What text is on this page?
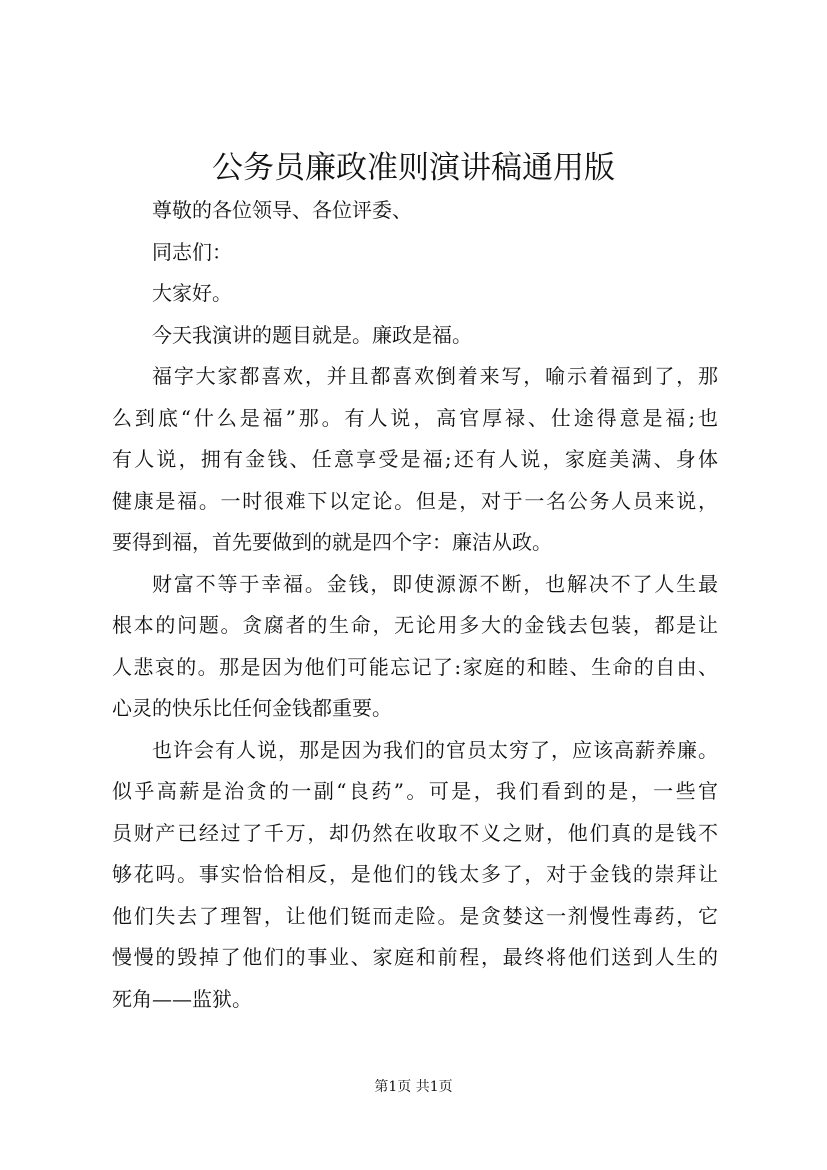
公务员廉政准则演讲稿通用版
尊敬的各位领导、各位评委、
同志们：
大家好。
今天我演讲的题目就是。廉政是福。
福字大家都喜欢，并且都喜欢倒着来写，喻示着福到了，那
么到底“什么是福”那。有人说，高官厚禄、仕途得意是福;也
有人说，拥有金钱、任意享受是福;还有人说，家庭美满、身体
健康是福。一时很难下以定论。但是，对于一名公务人员来说，
要得到福，首先要做到的就是四个字：廉洁从政。
财富不等于幸福。金钱，即使源源不断，也解决不了人生最
根本的问题。贪腐者的生命，无论用多大的金钱去包装，都是让
人悲哀的。那是因为他们可能忘记了:家庭的和睦、生命的自由、
心灵的快乐比任何金钱都重要。
也许会有人说，那是因为我们的官员太穷了，应该高薪养廉。
似乎高薪是治贪的一副“良药”。可是，我们看到的是，一些官
员财产已经过了千万，却仍然在收取不义之财，他们真的是钱不
够花吗。事实恰恰相反，是他们的钱太多了，对于金钱的崇拜让
他们失去了理智，让他们铤而走险。是贪婪这一剂慢性毒药，它
慢慢的毁掉了他们的事业、家庭和前程，最终将他们送到人生的
死角——监狱。
第1页 共1页
